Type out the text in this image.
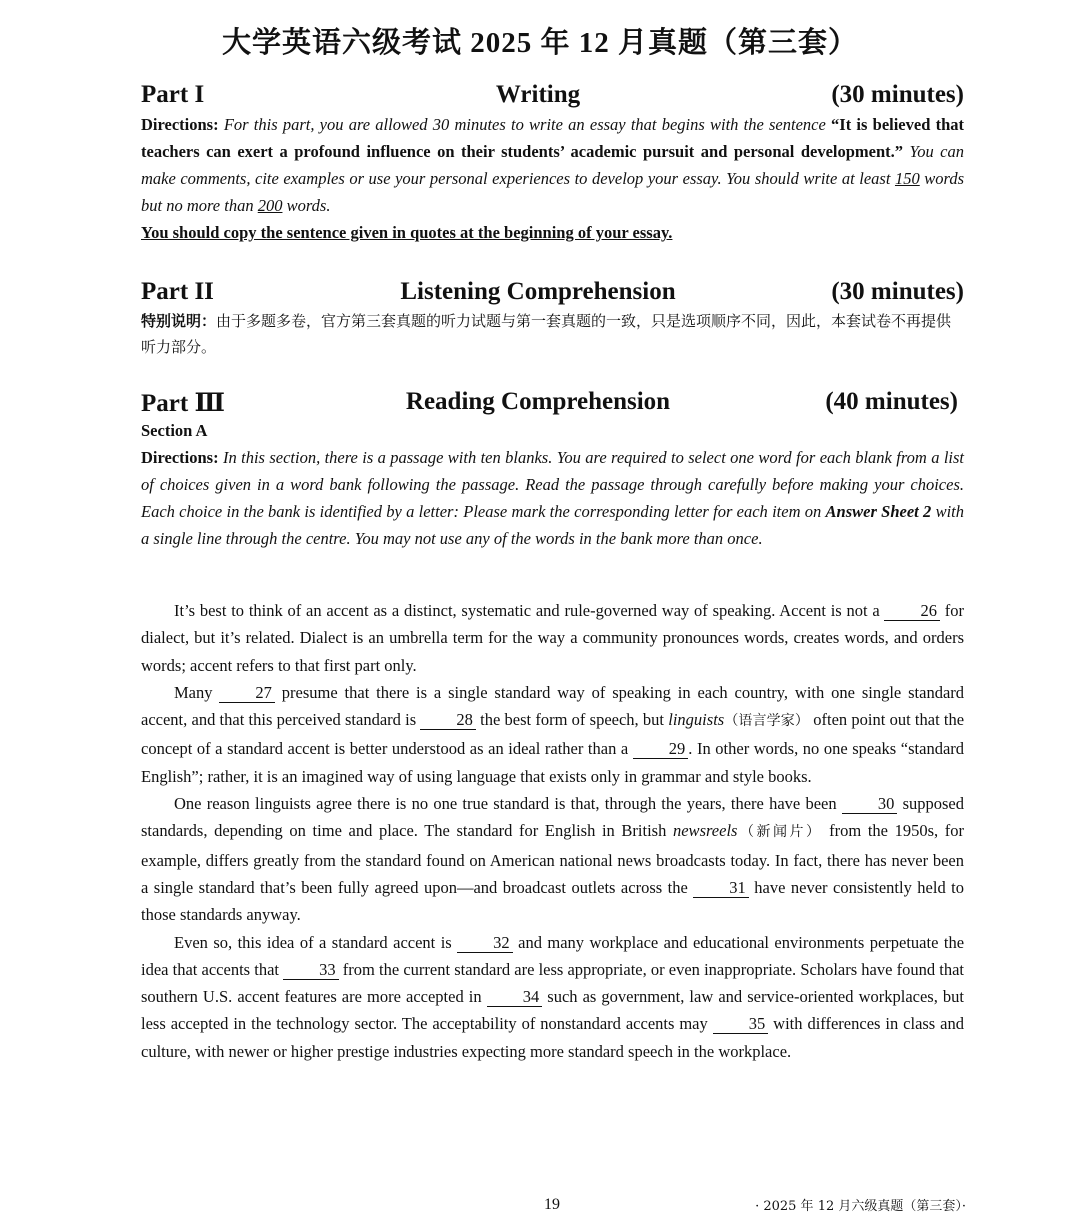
大学英语六级考试 2025 年 12 月真题（第三套）
Part I	Writing	(30 minutes)
Directions: For this part, you are allowed 30 minutes to write an essay that begins with the sentence “It is believed that teachers can exert a profound influence on their students’ academic pursuit and personal development.” You can make comments, cite examples or use your personal experiences to develop your essay. You should write at least 150 words but no more than 200 words.
You should copy the sentence given in quotes at the beginning of your essay.
Part II	Listening Comprehension	(30 minutes)
特别说明：由于多题多卷，官方第三套真题的听力试题与第一套真题的一致，只是选项顺序不同，因此，本套试卷不再提供听力部分。
Part Ⅲ	Reading Comprehension	(40 minutes)
Section A
Directions: In this section, there is a passage with ten blanks. You are required to select one word for each blank from a list of choices given in a word bank following the passage. Read the passage through carefully before making your choices. Each choice in the bank is identified by a letter: Please mark the corresponding letter for each item on Answer Sheet 2 with a single line through the centre. You may not use any of the words in the bank more than once.

It’s best to think of an accent as a distinct, systematic and rule-governed way of speaking. Accent is not a 26 for dialect, but it’s related. Dialect is an umbrella term for the way a community pronounces words, creates words, and orders words; accent refers to that first part only.

Many	27 presume that there is a single standard way of speaking in each country, with one single standard accent, and that this perceived standard is 28 the best form of speech, but linguists（语言学家） often point out that the concept of a standard accent is better understood as an ideal rather than a 29 . In other words, no one speaks “standard English”; rather, it is an imagined way of using language that exists only in grammar and style books.

One reason linguists agree there is no one true standard is that, through the years, there have been 30 supposed standards, depending on time and place. The standard for English in British newsreels（新闻片） from the 1950s, for example, differs greatly from the standard found on American national news broadcasts today. In fact, there has never been a single standard that’s been fully agreed upon—and broadcast outlets across the	31 have never consistently held to those standards anyway.

Even so, this idea of a standard accent is	32 and many workplace and educational environments perpetuate the idea that accents that 33 from the current standard are less appropriate, or even inappropriate. Scholars have found that southern U.S. accent features are more accepted in 34 such as government, law and service-oriented workplaces, but less accepted in the technology sector. The acceptability of nonstandard accents may 35 with differences in class and culture, with newer or higher prestige industries expecting more standard speech in the workplace.

19	· 2025 年 12 月六级真题（第三套）·
